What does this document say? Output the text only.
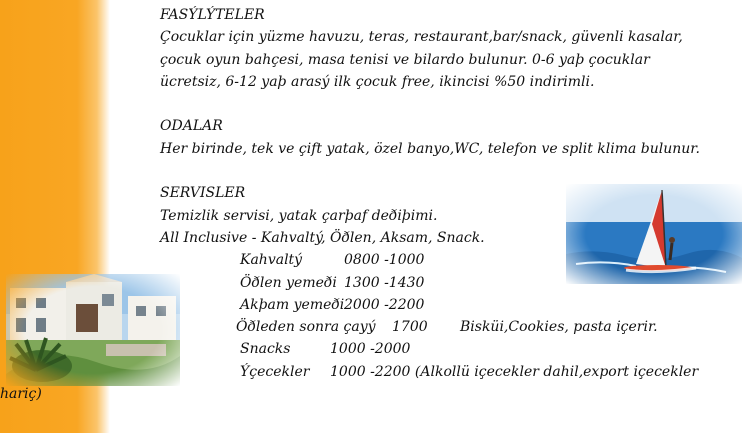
FASÝLÝTELER
Çocuklar için yüzme havuzu, teras, restaurant,bar/snack, güvenli kasalar,
çocuk oyun bahçesi, masa tenisi ve bilardo bulunur. 0-6 yaþ çocuklar
ücretsiz, 6-12 yaþ arasý ilk çocuk free, ikincisi %50 indirimli.
ODALAR
Her birinde, tek ve çift yatak, özel banyo,WC, telefon ve split klima bulunur.
SERVISLER
Temizlik servisi, yatak çarþaf deðiþimi.
All Inclusive - Kahvaltý, Öðlen, Aksam, Snack.
Kahvaltý	0800 -1000
Öðlen yemeði 1300 -1430
Akþam yemeði2000 -2200
Öðleden sonra çayý 1700 Bisküi,Cookies, pasta içerir.
Snacks	1000 -2000
Ýçecekler 1000 -2200 (Alkollü içecekler dahil,export içecekler
hariç)
